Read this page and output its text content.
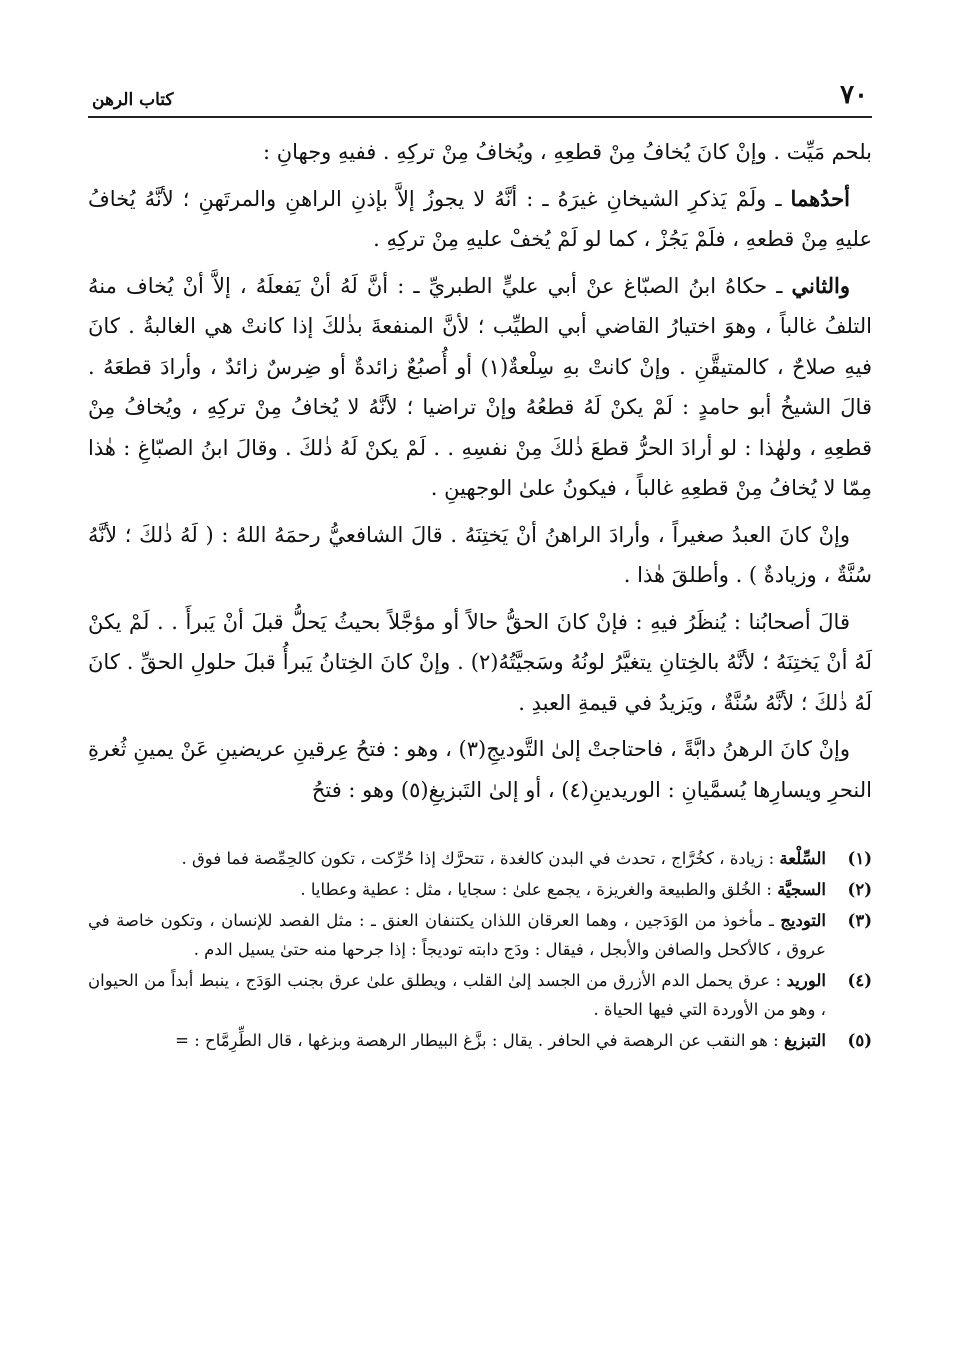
٧٠
كتاب الرهن

بلحم مَيِّت . وإنْ كانَ يُخافُ مِنْ قطعِهِ ، ويُخافُ مِنْ تركِهِ . ففيهِ وجهانِ :

أحدُهما ـ ولَمْ يَذكرِ الشيخانِ غيرَهُ ـ : أنَّهُ لا يجوزُ إلاَّ بإذنِ الراهنِ والمرتَهنِ ؛ لأنَّهُ يُخافُ عليهِ مِنْ قطعهِ ، فلَمْ يَجُزْ ، كما لو لَمْ يُخفْ عليهِ مِنْ تركِهِ .

والثاني ـ حكاهُ ابنُ الصبّاغ عنْ أبي عليٍّ الطبريِّ ـ : أنَّ لَهُ أنْ يَفعلَهُ ، إلاَّ أنْ يُخاف منهُ التلفُ غالباً ، وهوَ اختيارُ القاضي أبي الطيِّب ؛ لأنَّ المنفعةَ بذٰلكَ إذا كانتْ هي الغالبةُ . كانَ فيهِ صلاحٌ ، كالمتيقَّنِ . وإنْ كانتْ بهِ سِلْعةٌ(١) أو أُصبُعٌ زائدةٌ أو ضِرسٌ زائدٌ ، وأرادَ قطعَهُ . قالَ الشيخُ أبو حامدٍ : لَمْ يكنْ لَهُ قطعُهُ وإنْ تراضيا ؛ لأنَّهُ لا يُخافُ مِنْ تركِهِ ، ويُخافُ مِنْ قطعِهِ ، ولهٰذا : لو أرادَ الحرُّ قطعَ ذٰلكَ مِنْ نفسِهِ . . لَمْ يكنْ لَهُ ذٰلكَ . وقالَ ابنُ الصبّاغِ : هٰذا مِمّا لا يُخافُ مِنْ قطعِهِ غالباً ، فيكونُ علىٰ الوجهينِ .

وإنْ كانَ العبدُ صغيراً ، وأرادَ الراهنُ أنْ يَختِنَهُ . قالَ الشافعيُّ رحمَهُ اللهُ : ( لَهُ ذٰلكَ ؛ لأنَّهُ سُنَّةٌ ، وزيادةٌ ) . وأطلقَ هٰذا .

قالَ أصحابُنا : يُنظَرُ فيهِ : فإنْ كانَ الحقُّ حالاً أو مؤجَّلاً بحيثُ يَحلُّ قبلَ أنْ يَبرأَ . . لَمْ يكنْ لَهُ أنْ يَختِنَهُ ؛ لأنَّهُ بالخِتانِ يتغيَّرُ لونُهُ وسَجيَّتُهُ(٢) . وإنْ كانَ الخِتانُ يَبرأُ قبلَ حلولِ الحقِّ . كانَ لَهُ ذٰلكَ ؛ لأنَّهُ سُنَّةٌ ، ويَزيدُ في قيمةِ العبدِ .

وإنْ كانَ الرهنُ دابَّةً ، فاحتاجتْ إلىٰ التَّوديجِ(٣) ، وهو : فتحُ عِرقينِ عريضينِ عَنْ يمينِ ثُغرةِ النحرِ ويسارِها يُسمَّيانِ : الوريدينِ(٤) ، أو إلىٰ التَبزيغِ(٥) وهو : فتحُ

(١)
السِّلْعة : زيادة ، كخُرَّاج ، تحدث في البدن كالغدة ، تتحرَّك إذا حُرِّكت ، تكون كالحِمِّصة فما فوق .
(٢)
السجيَّة : الخُلق والطبيعة والغريزة ، يجمع علىٰ : سجايا ، مثل : عطية وعطايا .
(٣)
التوديج ـ مأخوذ من الوَدَجين ، وهما العرقان اللذان يكتنفان العنق ـ : مثل الفصد للإنسان ، وتكون خاصة في عروق ، كالأكحل والصافن والأبجل ، فيقال : ودَج دابته توديجاً : إذا جرحها منه حتىٰ يسيل الدم .
(٤)
الوريد : عرق يحمل الدم الأزرق من الجسد إلىٰ القلب ، ويطلق علىٰ عرق بجنب الوَدَج ، ينبط أبداً من الحيوان ، وهو من الأوردة التي فيها الحياة .
(٥)
التبزيغ : هو النقب عن الرهصة في الحافر . يقال : بزَّغ البيطار الرهصة وبزغها ، قال الطِّرِمَّاح : =
